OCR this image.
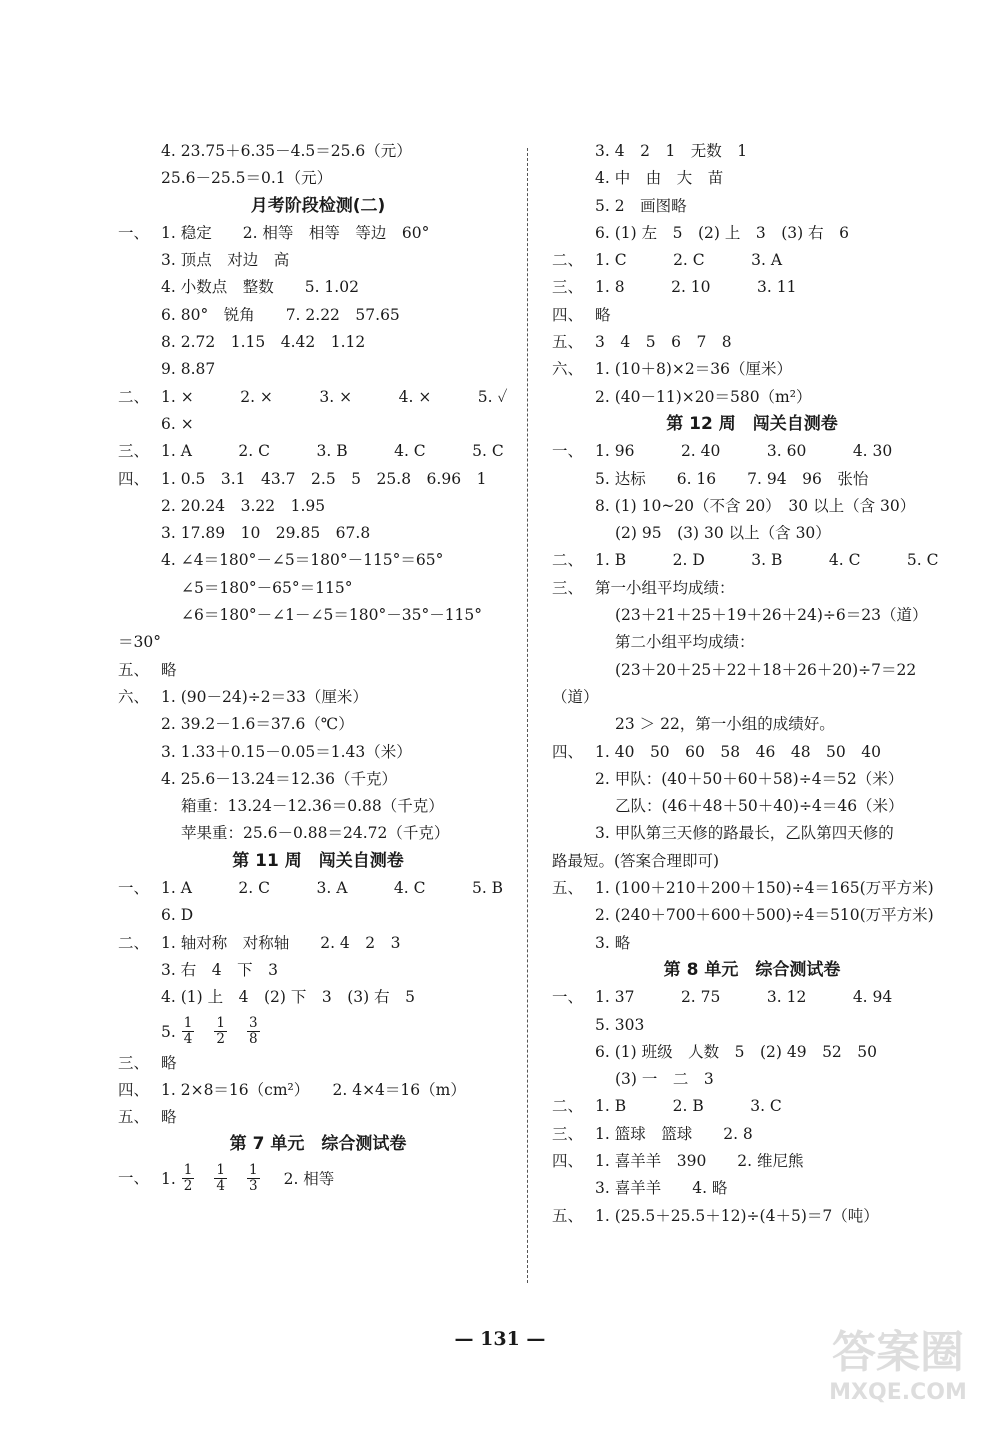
4. 23.75＋6.35－4.5＝25.6（元）
25.6－25.5＝0.1（元）
月考阶段检测(二)
一、 1. 稳定　　2. 相等　相等　等边　60°
3. 顶点　对边　高
4. 小数点　整数　　5. 1.02
6. 80°　锐角　　7. 2.22　57.65
8. 2.72　1.15　4.42　1.12
9. 8.87
二、 1. ×　　　2. ×　　　3. ×　　　4. ×　　　5. ✓
6. ×
三、 1. A　　　2. C　　　3. B　　　4. C　　　5. C
四、 1. 0.5　3.1　43.7　2.5　5　25.8　6.96　1
2. 20.24　3.22　1.95
3. 17.89　10　29.85　67.8
4. ∠4＝180°－∠5＝180°－115°＝65°
∠5＝180°－65°＝115°
∠6＝180°－∠1－∠5＝180°－35°－115°
＝30°
五、 略
六、 1. (90－24)÷2＝33（厘米）
2. 39.2－1.6＝37.6（℃）
3. 1.33＋0.15－0.05＝1.43（米）
4. 25.6－13.24＝12.36（千克）
箱重：13.24－12.36＝0.88（千克）
苹果重：25.6－0.88＝24.72（千克）
第 11 周　闯关自测卷
一、 1. A　　　2. C　　　3. A　　　4. C　　　5. B
6. D
二、 1. 轴对称　对称轴　　2. 4　2　3
3. 右　4　下　3
4. (1) 上　4　(2) 下　3　(3) 右　5
5. $\frac{1}{4} \frac{1}{2} \frac{3}{8}$
三、 略
四、 1. 2×8＝16（cm²）　　2. 4×4＝16（m）
五、 略
第 7 单元　综合测试卷
一、 1. $\frac{1}{2} \frac{1}{4} \frac{1}{3} 2$. 相等
3. 4　2　1　无数　1
4. 中　由　大　苗
5. 2　画图略
6. (1) 左　5　(2) 上　3　(3) 右　6
二、 1. C　　　2. C　　　3. A
三、 1. 8　　　2. 10　　　3. 11
四、 略
五、 3　4　5　6　7　8
六、 1. (10＋8)×2＝36（厘米）
2. (40－11)×20＝580（m²）
第 12 周　闯关自测卷
一、 1. 96　　　2. 40　　　3. 60　　　4. 30
5. 达标　　6. 16　　7. 94　96　张怡
8. (1) 10~20（不含 20）　30 以上（含 30）
(2) 95　(3) 30 以上（含 30）
二、 1. B　　　2. D　　　3. B　　　4. C　　　5. C
三、 第一小组平均成绩：
(23＋21＋25＋19＋26＋24)÷6＝23（道）
第二小组平均成绩：
(23＋20＋25＋22＋18＋26＋20)÷7＝22
（道）
23 ＞ 22，第一小组的成绩好。
四、 1. 40　50　60　58　46　48　50　40
2. 甲队：(40＋50＋60＋58)÷4＝52（米）
乙队：(46＋48＋50＋40)÷4＝46（米）
3. 甲队第三天修的路最长，乙队第四天修的
路最短。(答案合理即可)
五、 1. (100＋210＋200＋150)÷4＝165(万平方米)
2. (240＋700＋600＋500)÷4＝510(万平方米)
3. 略
第 8 单元　综合测试卷
一、 1. 37　　　2. 75　　　3. 12　　　4. 94
5. 303
6. (1) 班级　人数　5　(2) 49　52　50
(3) 一　二　3
二、 1. B　　　2. B　　　3. C
三、 1. 篮球　篮球　　2. 8
四、 1. 喜羊羊　390　　2. 维尼熊
3. 喜羊羊　　4. 略
五、 1. (25.5＋25.5＋12)÷(4＋5)＝7（吨）
— 131 —	答案圈
MXQE.COM
